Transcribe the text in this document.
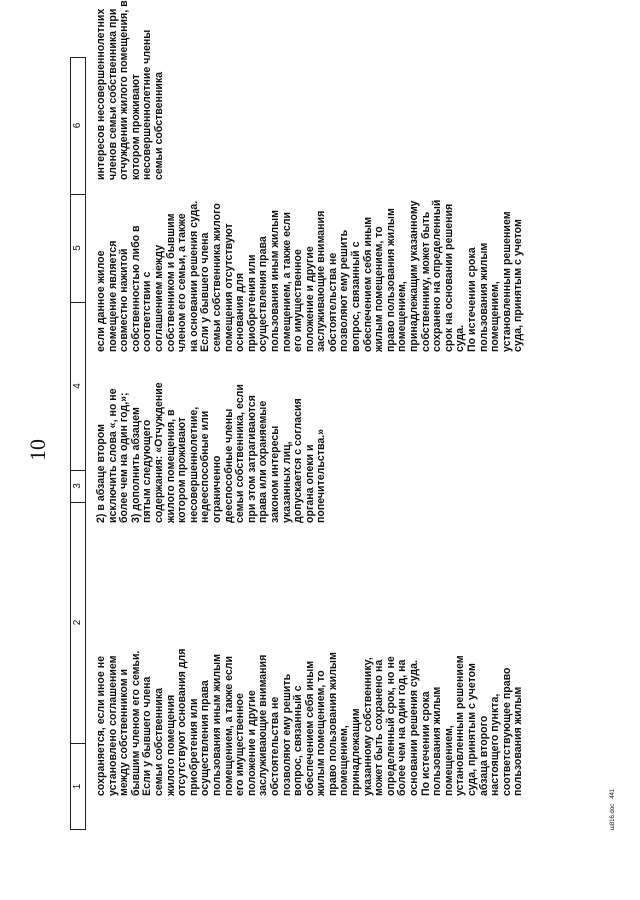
10
1
2
3
4
5
6
сохраняется, если иное не
установлено соглашением
между собственником и
бывшим членом его семьи.
Если у бывшего члена
семьи собственника
жилого помещения
отсутствуют основания для
приобретения или
осуществления права
пользования иным жилым
помещением, а также если
его имущественное
положение и другие
заслуживающие внимания
обстоятельства не
позволяют ему решить
вопрос, связанный с
обеспечением себя иным
жилым помещением, то
право пользования жилым
помещением,
принадлежащим
указанному собственнику,
может быть сохранено на
определенный срок, но не
более чем на один год, на
основании решения суда.
По истечении срока
пользования жилым
помещением,
установленным решением
суда, принятым с учетом
абзаца второго
настоящего пункта,
соответствующее право
пользования жилым
2) в абзаце втором
исключить слова «, но не
более чем на один год,»;
3) дополнить абзацем
пятым следующего
содержания: «Отчуждение
жилого помещения, в
котором проживают
несовершеннолетние,
недееспособные или
ограниченно
дееспособные члены
семьи собственника, если
при этом затрагиваются
права или охраняемые
законом интересы
указанных лиц,
допускается с согласия
органа опеки и
попечительства.»
если данное жилое
помещение является
совместно нажитой
собственностью либо в
соответствии с
соглашением между
собственником и бывшим
членом его семьи, а также
на основании решения суда.
Если у бывшего члена
семьи собственника жилого
помещения отсутствуют
основания для
приобретения или
осуществления права
пользования иным жилым
помещением, а также если
его имущественное
положение и другие
заслуживающие внимания
обстоятельства не
позволяют ему решить
вопрос, связанный с
обеспечением себя иным
жилым помещением, то
право пользования жилым
помещением,
принадлежащим указанному
собственнику, может быть
сохранено на определенный
срок на основании решения
суда.
По истечении срока
пользования жилым
помещением,
установленным решением
суда, принятым с учетом
интересов несовершеннолетних
членов семьи собственника при
отчуждении жилого помещения, в
котором проживают
несовершеннолетние члены
семьи собственника
ш816.doc   441
